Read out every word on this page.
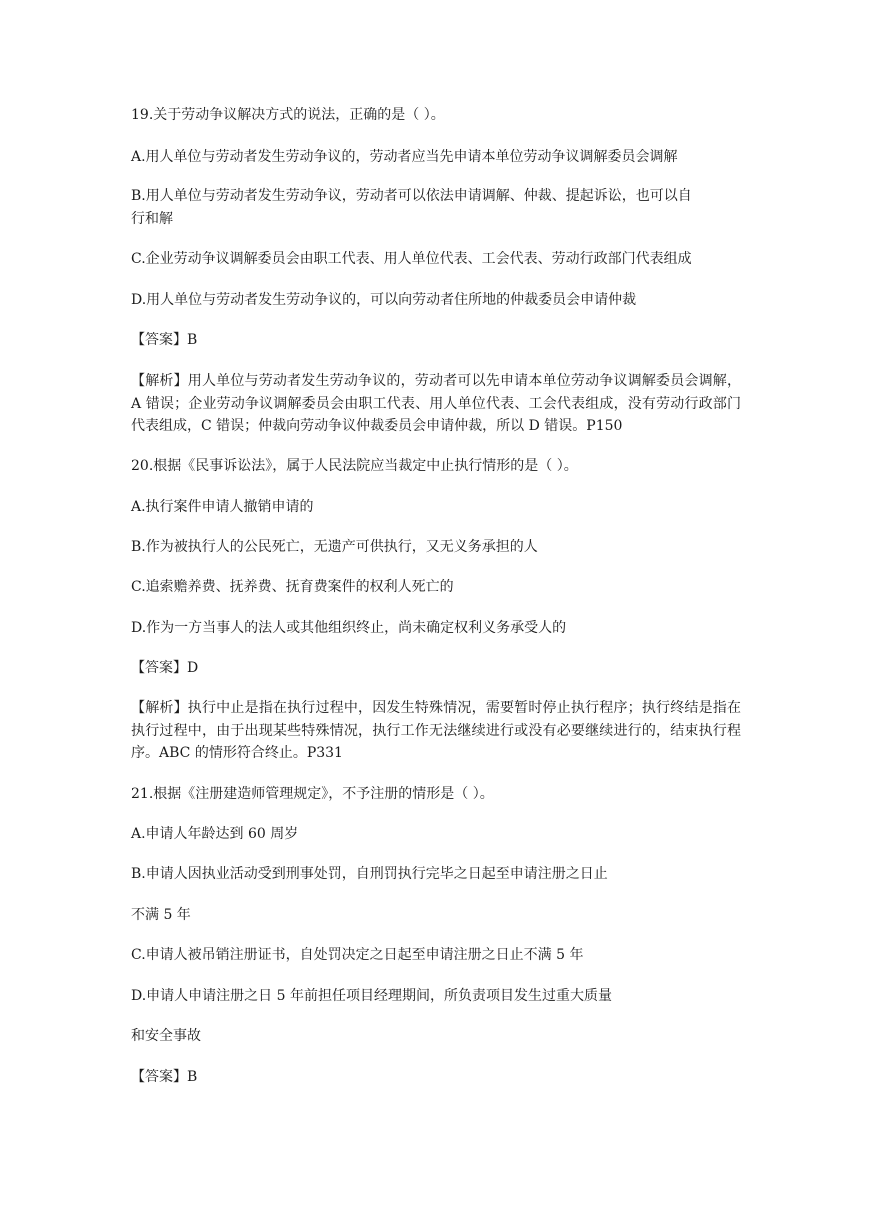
19.关于劳动争议解决方式的说法，正确的是（ ）。
A.用人单位与劳动者发生劳动争议的，劳动者应当先申请本单位劳动争议调解委员会调解
B.用人单位与劳动者发生劳动争议，劳动者可以依法申请调解、仲裁、提起诉讼，也可以自
行和解
C.企业劳动争议调解委员会由职工代表、用人单位代表、工会代表、劳动行政部门代表组成
D.用人单位与劳动者发生劳动争议的，可以向劳动者住所地的仲裁委员会申请仲裁
【答案】B
【解析】用人单位与劳动者发生劳动争议的，劳动者可以先申请本单位劳动争议调解委员会调解，A 错误；企业劳动争议调解委员会由职工代表、用人单位代表、工会代表组成，没有劳动行政部门代表组成，C 错误；仲裁向劳动争议仲裁委员会申请仲裁，所以 D 错误。P150
20.根据《民事诉讼法》，属于人民法院应当裁定中止执行情形的是（ ）。
A.执行案件申请人撤销申请的
B.作为被执行人的公民死亡，无遗产可供执行，又无义务承担的人
C.追索赡养费、抚养费、抚育费案件的权利人死亡的
D.作为一方当事人的法人或其他组织终止，尚未确定权利义务承受人的
【答案】D
【解析】执行中止是指在执行过程中，因发生特殊情况，需要暂时停止执行程序；执行终结是指在执行过程中，由于出现某些特殊情况，执行工作无法继续进行或没有必要继续进行的，结束执行程序。ABC 的情形符合终止。P331
21.根据《注册建造师管理规定》，不予注册的情形是（ ）。
A.申请人年龄达到 60 周岁
B.申请人因执业活动受到刑事处罚，自刑罚执行完毕之日起至申请注册之日止
不满 5 年
C.申请人被吊销注册证书，自处罚决定之日起至申请注册之日止不满 5 年
D.申请人申请注册之日 5 年前担任项目经理期间，所负责项目发生过重大质量
和安全事故
【答案】B
